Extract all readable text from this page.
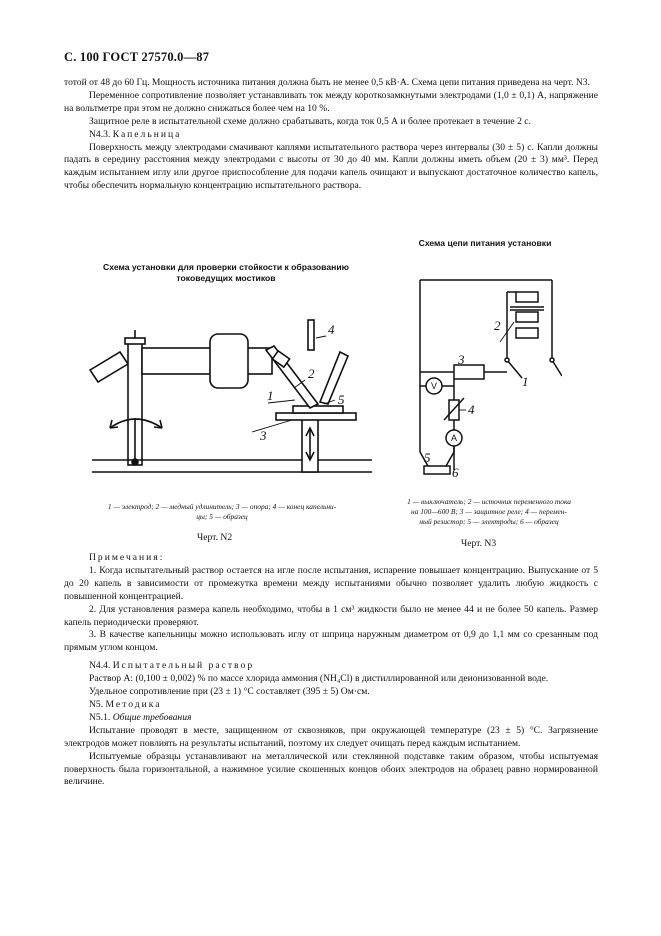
С. 100 ГОСТ 27570.0—87

тотой от 48 до 60 Гц. Мощность источника питания должна быть не менее 0,5 кВ·А. Схема цепи питания приведена на черт. N3.

Переменное сопротивление позволяет устанавливать ток между короткозамкнутыми электродами (1,0 ± 0,1) А, напряжение на вольтметре при этом не должно снижаться более чем на 10 %.

Защитное реле в испытательной схеме должно срабатывать, когда ток 0,5 А и более протекает в течение 2 с.

N4.3. Капельница

Поверхность между электродами смачивают каплями испытательного раствора через интервалы (30 ± 5) с. Капли должны падать в середину расстояния между электродами с высоты от 30 до 40 мм. Капли должны иметь объем (20 ± 3) мм³. Перед каждым испытанием иглу или другое приспособление для подачи капель очищают и выпускают достаточное количество капель, чтобы обеспечить нормальную концентрацию испытательного раствора.

Схема цепи питания установки
Схема установки для проверки стойкости к образованию
токоведущих мостиков
1
2
3
4
5
1
2
3
4
5
6
V
A
1 — электрод; 2 — медный удлинитель; 3 — опора; 4 — конец капельни-
цы; 5 — образец
1 — выключатель; 2 — источник переменного тока
на 100—600 В; 3 — защитное реле; 4 — перемен-
ный резистор; 5 — электроды; 6 — образец
Черт. N2
Черт. N3

Примечания:

1. Когда испытательный раствор остается на игле после испытания, испарение повышает концентрацию. Выпускание от 5 до 20 капель в зависимости от промежутка времени между испытаниями обычно позволяет удалить любую жидкость с повышенной концентрацией.

2. Для установления размера капель необходимо, чтобы в 1 см³ жидкости было не менее 44 и не более 50 капель. Размер капель периодически проверяют.

3. В качестве капельницы можно использовать иглу от шприца наружным диаметром от 0,9 до 1,1 мм со срезанным под прямым углом концом.

N4.4. Испытательный раствор

Раствор А: (0,100 ± 0,002) % по массе хлорида аммония (NH₄Cl) в дистиллированной или деионизованной воде.

Удельное сопротивление при (23 ± 1) °C составляет (395 ± 5) Ом·см.

N5. Методика

N5.1. Общие требования

Испытание проводят в месте, защищенном от сквозняков, при окружающей температуре (23 ± 5) °C. Загрязнение электродов может повлиять на результаты испытаний, поэтому их следует очищать перед каждым испытанием.

Испытуемые образцы устанавливают на металлической или стеклянной подставке таким образом, чтобы испытуемая поверхность была горизонтальной, а нажимное усилие скошенных концов обоих электродов на образец равно нормированной величине.
